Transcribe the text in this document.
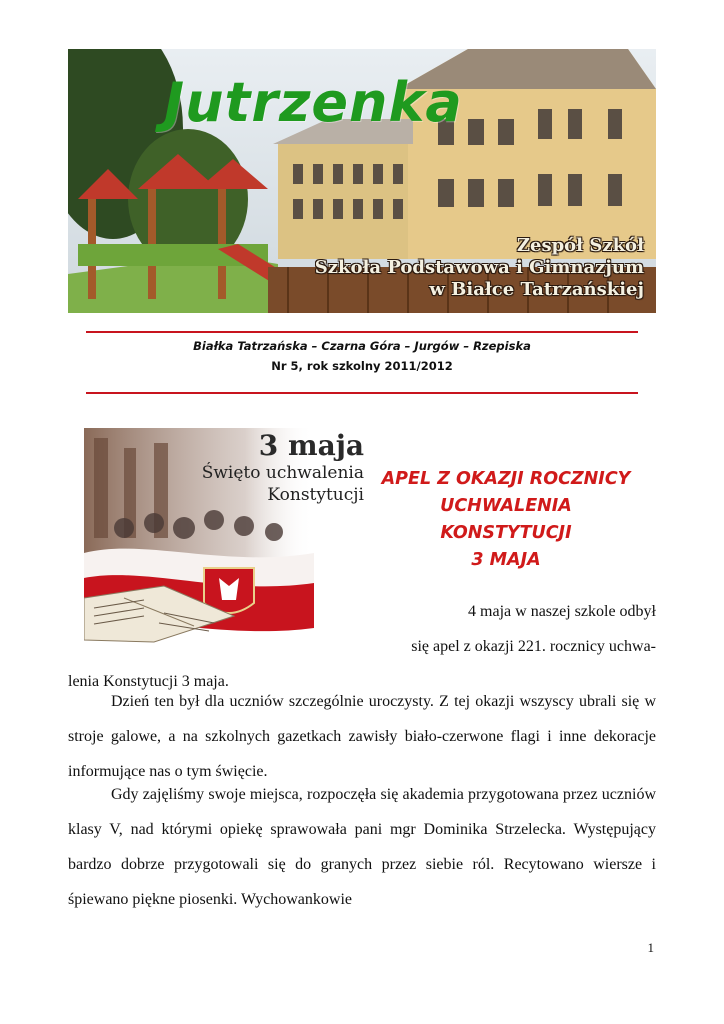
Jutrzenka
Zespół Szkół
Szkoła Podstawowa i Gimnazjum
w Białce Tatrzańskiej
Białka Tatrzańska – Czarna Góra – Jurgów – Rzepiska
Nr 5, rok szkolny 2011/2012
3 maja
Święto uchwalenia
Konstytucji
APEL Z OKAZJI ROCZNICY
UCHWALENIA
KONSTYTUCJI
3 MAJA
4 maja w naszej szkole odbył
się apel z okazji 221. rocznicy uchwa-
lenia Konstytucji 3 maja.
Dzień ten był dla uczniów szczególnie uroczysty. Z tej okazji wszyscy ubrali się w stroje galowe, a na szkolnych gazetkach zawisły biało-czerwone flagi i inne dekoracje informujące nas o tym święcie.
Gdy zajęliśmy swoje miejsca, rozpoczęła się akademia przygotowana przez uczniów klasy V, nad którymi opiekę sprawowała pani mgr Dominika Strzelecka. Występujący bardzo dobrze przygotowali się do granych przez siebie ról. Recytowano wiersze i śpiewano piękne piosenki. Wychowankowie
1
